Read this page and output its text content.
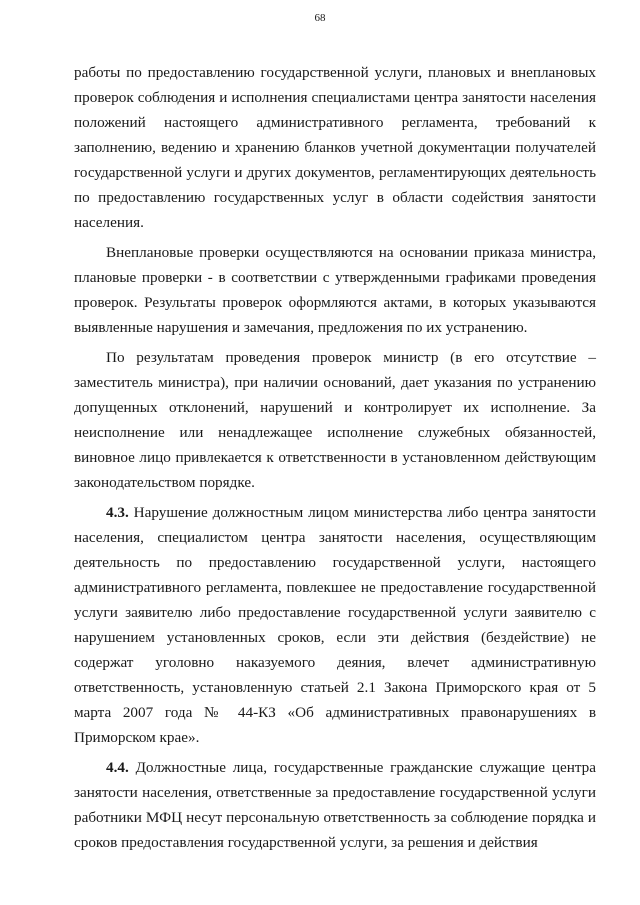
68

работы по предоставлению государственной услуги, плановых и внеплановых проверок соблюдения и исполнения специалистами центра занятости населения положений настоящего административного регламента, требований к заполнению, ведению и хранению бланков учетной документации получателей государственной услуги и других документов, регламентирующих деятельность по предоставлению государственных услуг в области содействия занятости населения.

Внеплановые проверки осуществляются на основании приказа министра, плановые проверки - в соответствии с утвержденными графиками проведения проверок. Результаты проверок оформляются актами, в которых указываются выявленные нарушения и замечания, предложения по их устранению.

По результатам проведения проверок министр (в его отсутствие – заместитель министра), при наличии оснований, дает указания по устранению допущенных отклонений, нарушений и контролирует их исполнение. За неисполнение или ненадлежащее исполнение служебных обязанностей, виновное лицо привлекается к ответственности в установленном действующим законодательством порядке.

4.3. Нарушение должностным лицом министерства либо центра занятости населения, специалистом центра занятости населения, осуществляющим деятельность по предоставлению государственной услуги, настоящего административного регламента, повлекшее не предоставление государственной услуги заявителю либо предоставление государственной услуги заявителю с нарушением установленных сроков, если эти действия (бездействие) не содержат уголовно наказуемого деяния, влечет административную ответственность, установленную статьей 2.1 Закона Приморского края от 5 марта 2007 года № 44-КЗ «Об административных правонарушениях в Приморском крае».

4.4. Должностные лица, государственные гражданские служащие центра занятости населения, ответственные за предоставление государственной услуги работники МФЦ несут персональную ответственность за соблюдение порядка и сроков предоставления государственной услуги, за решения и действия
